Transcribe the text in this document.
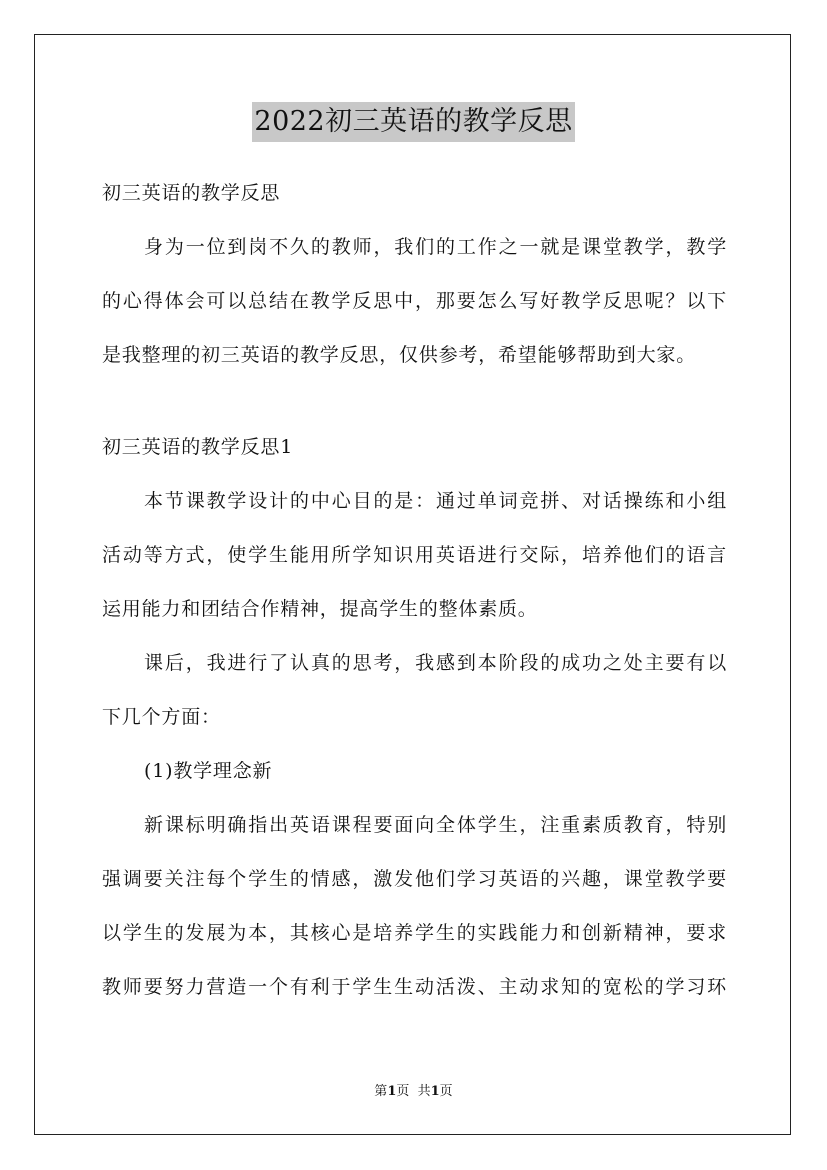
2022初三英语的教学反思
初三英语的教学反思
身为一位到岗不久的教师，我们的工作之一就是课堂教学，教学
的心得体会可以总结在教学反思中，那要怎么写好教学反思呢？以下
是我整理的初三英语的教学反思，仅供参考，希望能够帮助到大家。
初三英语的教学反思1
本节课教学设计的中心目的是：通过单词竞拼、对话操练和小组
活动等方式，使学生能用所学知识用英语进行交际，培养他们的语言
运用能力和团结合作精神，提高学生的整体素质。
课后，我进行了认真的思考，我感到本阶段的成功之处主要有以
下几个方面：
(1)教学理念新
新课标明确指出英语课程要面向全体学生，注重素质教育，特别
强调要关注每个学生的情感，激发他们学习英语的兴趣，课堂教学要
以学生的发展为本，其核心是培养学生的实践能力和创新精神，要求
教师要努力营造一个有利于学生生动活泼、主动求知的宽松的学习环
第1页  共1页
